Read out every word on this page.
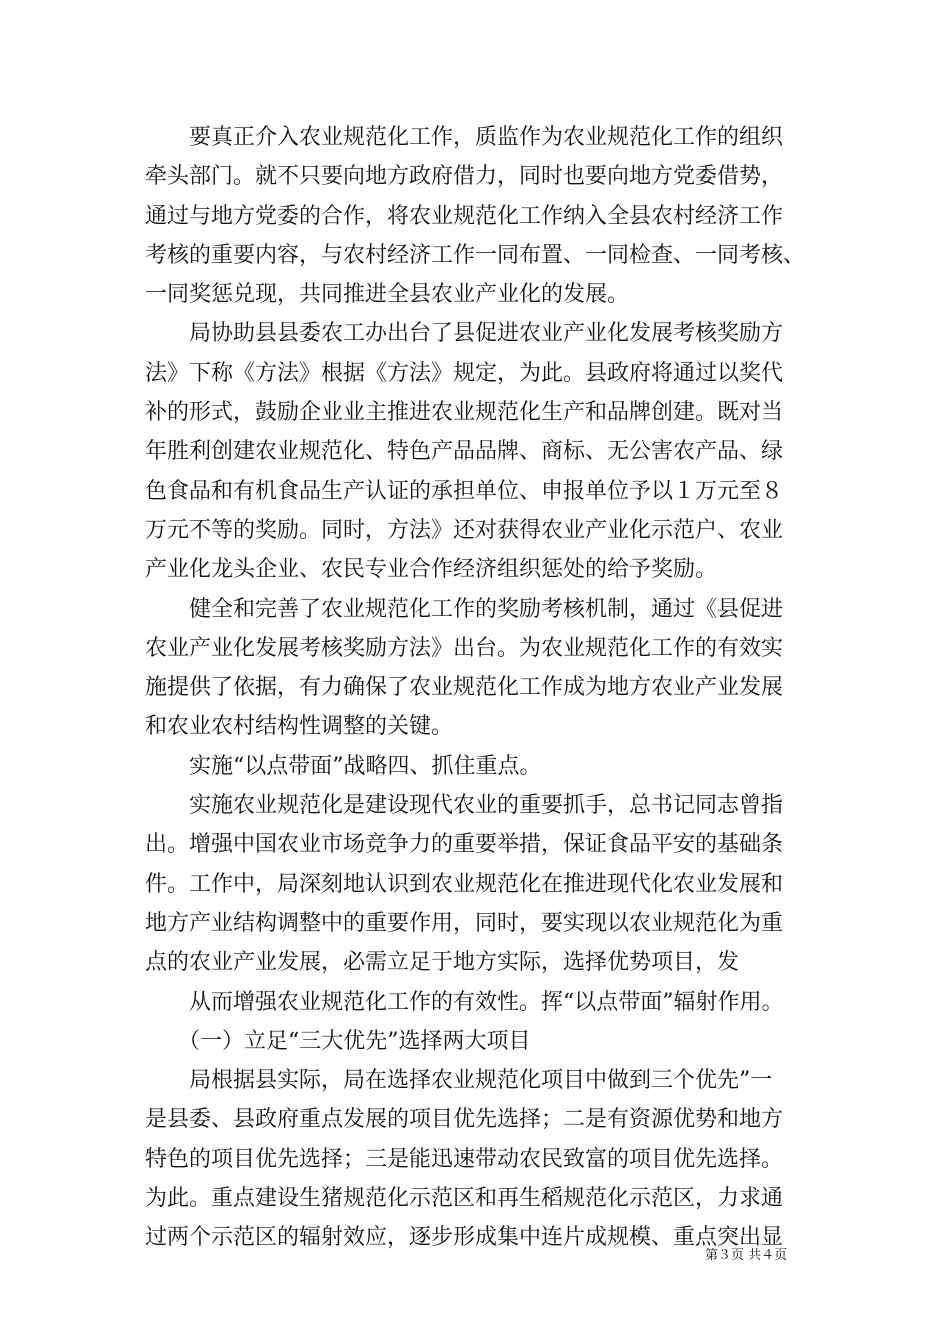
　　要真正介入农业规范化工作，质监作为农业规范化工作的组织
牵头部门。就不只要向地方政府借力，同时也要向地方党委借势，
通过与地方党委的合作，将农业规范化工作纳入全县农村经济工作
考核的重要内容，与农村经济工作一同布置、一同检查、一同考核、
一同奖惩兑现，共同推进全县农业产业化的发展。
　　局协助县县委农工办出台了县促进农业产业化发展考核奖励方
法》下称《方法》根据《方法》规定，为此。县政府将通过以奖代
补的形式，鼓励企业业主推进农业规范化生产和品牌创建。既对当
年胜利创建农业规范化、特色产品品牌、商标、无公害农产品、绿
色食品和有机食品生产认证的承担单位、申报单位予以１万元至８
万元不等的奖励。同时，方法》还对获得农业产业化示范户、农业
产业化龙头企业、农民专业合作经济组织惩处的给予奖励。
　　健全和完善了农业规范化工作的奖励考核机制，通过《县促进
农业产业化发展考核奖励方法》出台。为农业规范化工作的有效实
施提供了依据，有力确保了农业规范化工作成为地方农业产业发展
和农业农村结构性调整的关键。
　　实施“以点带面”战略四、抓住重点。
　　实施农业规范化是建设现代农业的重要抓手，总书记同志曾指
出。增强中国农业市场竞争力的重要举措，保证食品平安的基础条
件。工作中，局深刻地认识到农业规范化在推进现代化农业发展和
地方产业结构调整中的重要作用，同时，要实现以农业规范化为重
点的农业产业发展，必需立足于地方实际，选择优势项目，发
　　从而增强农业规范化工作的有效性。挥“以点带面”辐射作用。
　　（一）立足“三大优先”选择两大项目
　　局根据县实际，局在选择农业规范化项目中做到三个优先”一
是县委、县政府重点发展的项目优先选择；二是有资源优势和地方
特色的项目优先选择；三是能迅速带动农民致富的项目优先选择。
为此。重点建设生猪规范化示范区和再生稻规范化示范区，力求通
过两个示范区的辐射效应，逐步形成集中连片成规模、重点突出显
第３页 共４页
